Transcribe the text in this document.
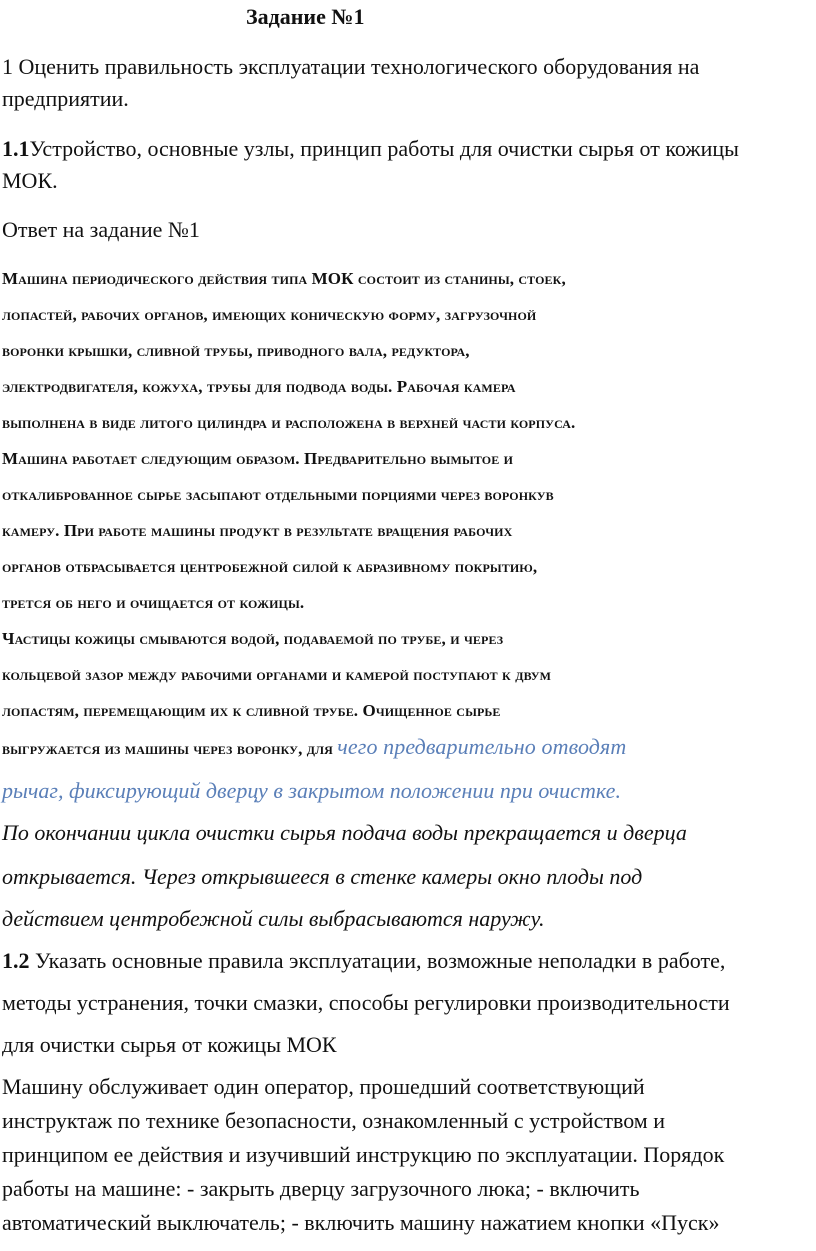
Задание №1
1 Оценить правильность эксплуатации технологического оборудования на
предприятии.
1.1Устройство, основные узлы, принцип работы для очистки сырья от кожицы
МОК.
Ответ на задание №1
Машина периодического действия типа МОК состоит из станины, стоек,
лопастей, рабочих органов, имеющих коническую форму, загрузочной
воронки крышки, сливной трубы, приводного вала, редуктора,
электродвигателя, кожуха, трубы для подвода воды. Рабочая камера
выполнена в виде литого цилиндра и расположена в верхней части корпуса.
Машина работает следующим образом. Предварительно вымытое и
откалиброванное сырье засыпают отдельными порциями через воронкув
камеру. При работе машины продукт в результате вращения рабочих
органов отбрасывается центробежной силой к абразивному покрытию,
трется об него и очищается от кожицы.
Частицы кожицы смываются водой, подаваемой по трубе, и через
кольцевой зазор между рабочими органами и камерой поступают к двум
лопастям, перемещающим их к сливной трубе. Очищенное сырье
выгружается из машины через воронку, для чего предварительно отводят
рычаг, фиксирующий дверцу в закрытом положении при очистке.
По окончании цикла очистки сырья подача воды прекращается и дверца
открывается. Через открывшееся в стенке камеры окно плоды под
действием центробежной силы выбрасываются наружу.
1.2 Указать основные правила эксплуатации, возможные неполадки в работе,
методы устранения, точки смазки, способы регулировки производительности
для очистки сырья от кожицы МОК
Машину обслуживает один оператор, прошедший соответствующий
инструктаж по технике безопасности, ознакомленный с устройством и
принципом ее действия и изучивший инструкцию по эксплуатации. Порядок
работы на машине: - закрыть дверцу загрузочного люка; - включить
автоматический выключатель; - включить машину нажатием кнопки «Пуск»
